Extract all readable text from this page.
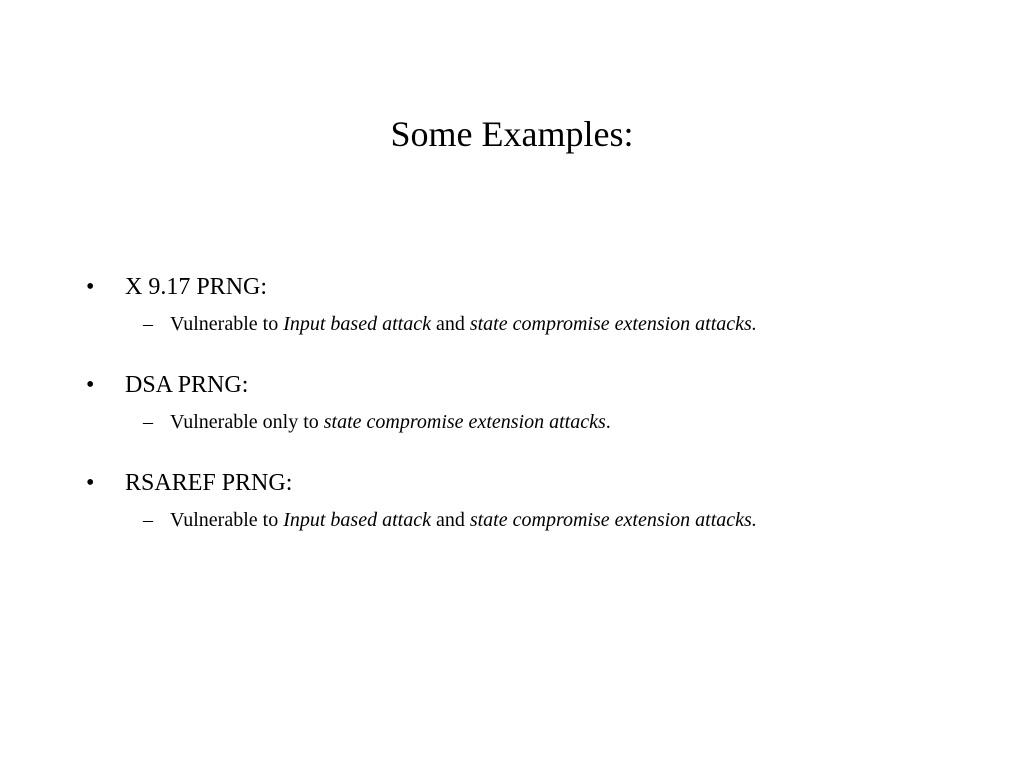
Some Examples:
• X 9.17 PRNG:
– Vulnerable to Input based attack and state compromise extension attacks.
• DSA PRNG:
– Vulnerable only to state compromise extension attacks.
• RSAREF PRNG:
– Vulnerable to Input based attack and state compromise extension attacks.
